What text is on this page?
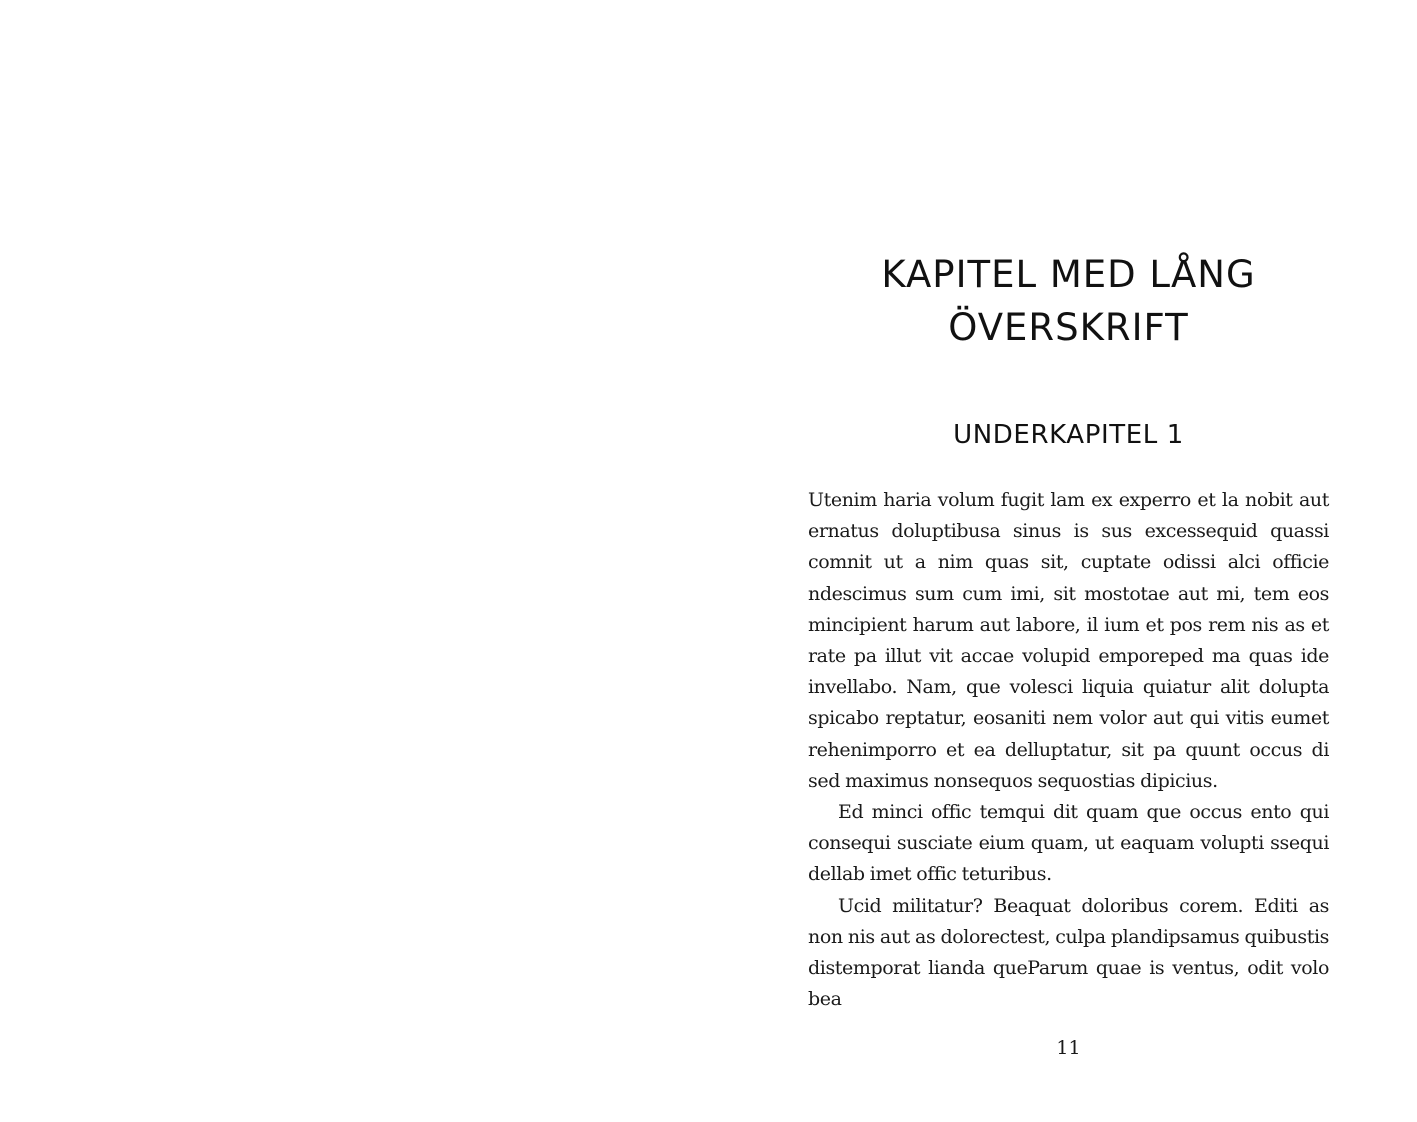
KAPITEL MED LÅNG
ÖVERSKRIFT
UNDERKAPITEL 1

Utenim haria volum fugit lam ex experro et la nobit aut ernatus doluptibusa sinus is sus excessequid quassi comnit ut a nim quas sit, cuptate odissi alci officie ndescimus sum cum imi, sit mostotae aut mi, tem eos mincipient harum aut labore, il ium et pos rem nis as et rate pa illut vit accae volupid emporeped ma quas ide invellabo. Nam, que volesci liquia quiatur alit dolupta spicabo reptatur, eosaniti nem volor aut qui vitis eumet rehenimporro et ea delluptatur, sit pa quunt occus di sed maximus nonsequos sequostias dipicius.

Ed minci offic temqui dit quam que occus ento qui consequi susciate eium quam, ut eaquam volupti ssequi dellab imet offic teturibus.

Ucid militatur? Beaquat doloribus corem. Editi as non nis aut as dolorectest, culpa plandipsamus quibustis distemporat lianda queParum quae is ventus, odit volo bea

11
